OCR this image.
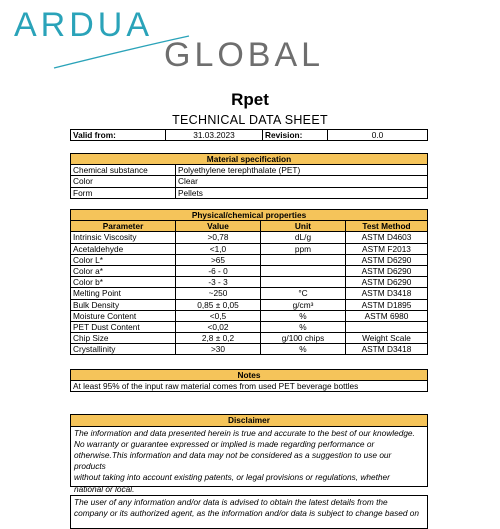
ARDUA
GLOBAL
Rpet
TECHNICAL DATA SHEET
Valid from:	31.03.2023	Revision:	0.0
Material specification	
Chemical substance	Polyethylene terephthalate (PET)
Color	Clear
Form	Pellets
Physical/chemical properties			
Parameter	Value	Unit	Test Method
Intrinsic Viscosity	>0,78	dL/g	ASTM D4603
Acetaldehyde	<1,0	ppm	ASTM F2013
Color L*	>65		ASTM D6290
Color a*	-6 - 0		ASTM D6290
Color b*	-3 - 3		ASTM D6290
Melting Point	~250	°C	ASTM D3418
Bulk Density	0,85 ± 0,05	g/cm³	ASTM D1895
Moisture Content	<0,5	%	ASTM 6980
PET Dust Content	<0,02	%	
Chip Size	2,8 ± 0,2	g/100 chips	Weight Scale
Crystallinity	>30	%	ASTM D3418
Notes
At least 95% of the input raw material comes from used PET beverage bottles
Disclaimer
The information and data presented herein is true and accurate to the best of our knowledge.
No warranty or guarantee expressed or implied is made regarding performance or
otherwise.This information and data may not be considered as a suggestion to use our products
without taking into account existing patents, or legal provisions or regulations, whether
national or local.
The user of any information and/or data is advised to obtain the latest details from the
company or its authorized agent, as the information and/or data is subject to change based on
